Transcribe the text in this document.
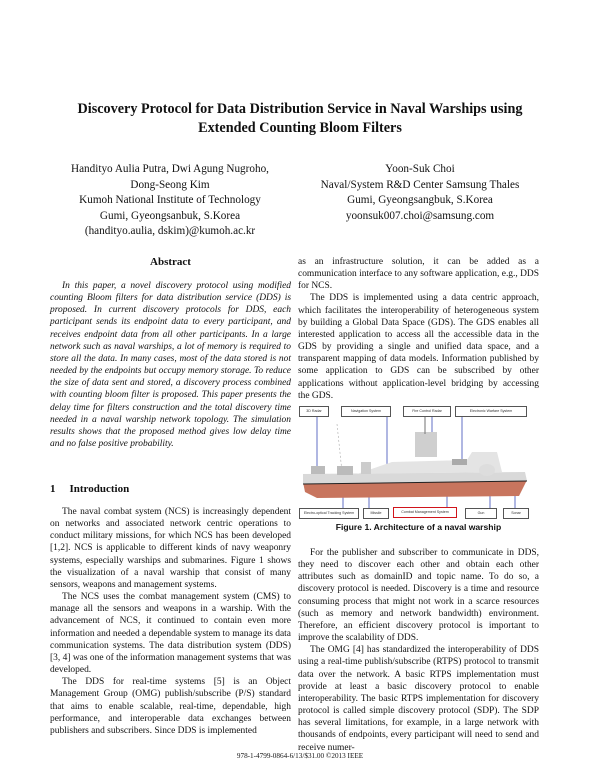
Discovery Protocol for Data Distribution Service in Naval Warships using
Extended Counting Bloom Filters
Handityo Aulia Putra, Dwi Agung Nugroho,
Dong-Seong Kim
Kumoh National Institute of Technology
Gumi, Gyeongsanbuk, S.Korea
(handityo.aulia, dskim)@kumoh.ac.kr
Yoon-Suk Choi
Naval/System R&D Center Samsung Thales
Gumi, Gyeongsangbuk, S.Korea
yoonsuk007.choi@samsung.com
Abstract

In this paper, a novel discovery protocol using modified counting Bloom filters for data distribution service (DDS) is proposed. In current discovery protocols for DDS, each participant sends its endpoint data to every participant, and receives endpoint data from all other participants. In a large network such as naval warships, a lot of memory is required to store all the data. In many cases, most of the data stored is not needed by the endpoints but occupy memory storage. To reduce the size of data sent and stored, a discovery process combined with counting bloom filter is proposed. This paper presents the delay time for filters construction and the total discovery time needed in a naval warship network topology. The simulation results shows that the proposed method gives low delay time and no false positive probability.

1 Introduction

The naval combat system (NCS) is increasingly dependent on networks and associated network centric operations to conduct military missions, for which NCS has been developed [1,2]. NCS is applicable to different kinds of navy weaponry systems, especially warships and submarines. Figure 1 shows the visualization of a naval warship that consist of many sensors, weapons and management systems.

The NCS uses the combat management system (CMS) to manage all the sensors and weapons in a warship. With the advancement of NCS, it continued to contain even more information and needed a dependable system to manage its data communication systems. The data distribution system (DDS) [3, 4] was one of the information management systems that was developed.

The DDS for real-time systems [5] is an Object Management Group (OMG) publish/subscribe (P/S) standard that aims to enable scalable, real-time, dependable, high performance, and interoperable data exchanges between publishers and subscribers. Since DDS is implemented

as an infrastructure solution, it can be added as a communication interface to any software application, e.g., DDS for NCS.

The DDS is implemented using a data centric approach, which facilitates the interoperability of heterogeneous system by building a Global Data Space (GDS). The GDS enables all interested application to access all the accessible data in the GDS by providing a single and unified data space, and a transparent mapping of data models. Information published by some application to GDS can be subscribed by other applications without application-level bridging by accessing the GDS.

3D Radar	Navigation System	Fire Control Radar	Electronic Warfare System
Electro-optical Tracking System	Missile	Combat Management System	Gun	Sonar
Figure 1. Architecture of a naval warship

For the publisher and subscriber to communicate in DDS, they need to discover each other and obtain each other attributes such as domainID and topic name. To do so, a discovery protocol is needed. Discovery is a time and resource consuming process that might not work in a scarce resources (such as memory and network bandwidth) environment. Therefore, an efficient discovery protocol is important to improve the scalability of DDS.

The OMG [4] has standardized the interoperability of DDS using a real-time publish/subscribe (RTPS) protocol to transmit data over the network. A basic RTPS implementation must provide at least a basic discovery protocol to enable interoperability. The basic RTPS implementation for discovery protocol is called simple discovery protocol (SDP). The SDP has several limitations, for example, in a large network with thousands of endpoints, every participant will need to send and receive numer-

978-1-4799-0864-6/13/$31.00 ©2013 IEEE
